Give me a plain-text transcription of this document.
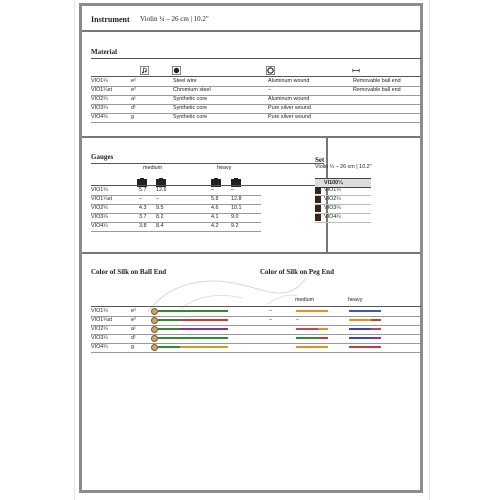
Instrument Violin ¼ – 26 cm | 10.2"
Material
VIO1¼	e²	Steel wire	Aluminum wound	Removable ball end
VIO1¼st	e²	Chromium steel	–	Removable ball end
VIO2¼	a¹	Synthetic core	Aluminum wound
VIO3¼	d¹	Synthetic core	Pure silver wound
VIO4¼	g	Synthetic core	Pure silver wound
Gauges
medium	heavy
VIO1¼	5.7 12.6	–	–
VIO1¼st	–	–	5.8 12.8
VIO2¼	4.3 9.5	4.6 10.1
VIO3¼	3.7 8.2	4.1 9.0
VIO4¼	3.8 8.4	4.2 9.2
Set
Violin ¼ – 26 cm | 10.2"
VI100¼
VIO1¼
VIO2¼
VIO3¼
VIO4¼
Color of Silk on Ball End	Color of Silk on Peg End
medium	heavy
VIO1¼	e²	–
VIO1¼st	e²	–	–
VIO2¼	a¹
VIO3¼	d¹
VIO4¼	g
